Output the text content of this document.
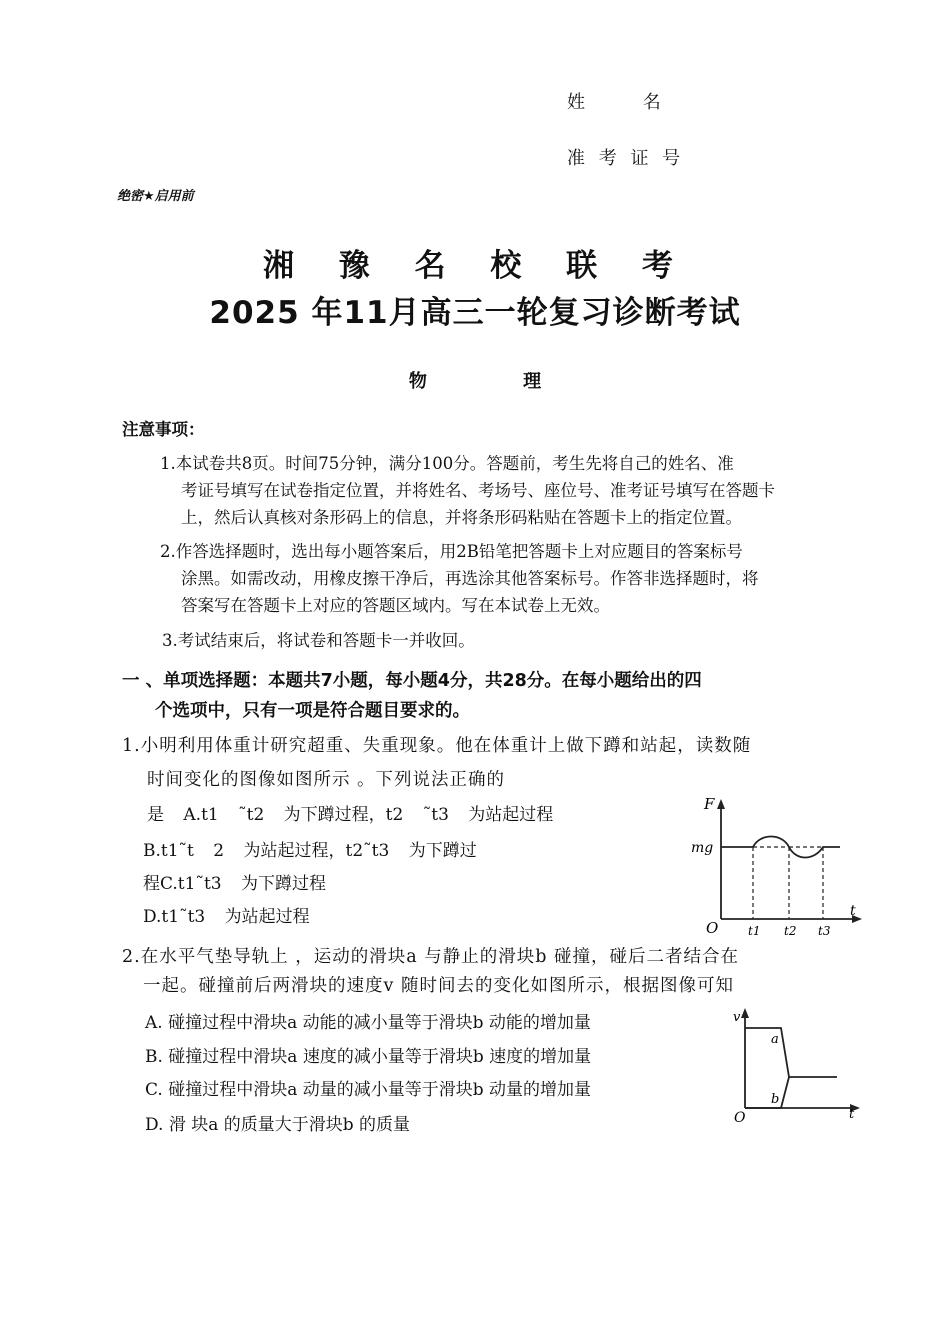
姓 名
准 考 证 号
绝密★启用前
湘 豫 名 校 联 考
2025 年11月高三一轮复习诊断考试
物 理
注意事项：
1.本试卷共8页。时间75分钟，满分100分。答题前，考生先将自己的姓名、准
考证号填写在试卷指定位置，并将姓名、考场号、座位号、准考证号填写在答题卡
上，然后认真核对条形码上的信息，并将条形码粘贴在答题卡上的指定位置。
2.作答选择题时，选出每小题答案后，用2B铅笔把答题卡上对应题目的答案标号
涂黑。如需改动，用橡皮擦干净后，再选涂其他答案标号。作答非选择题时，将
答案写在答题卡上对应的答题区域内。写在本试卷上无效。
3.考试结束后，将试卷和答题卡一并收回。
一 、单项选择题：本题共7小题，每小题4分，共28分。在每小题给出的四
个选项中，只有一项是符合题目要求的。
1.小明利用体重计研究超重、失重现象。他在体重计上做下蹲和站起，读数随
时间变化的图像如图所示 。下列说法正确的
是 A.t1 ˜t2 为下蹲过程，t2 ˜t3 为站起过程
B.t1˜t 2 为站起过程，t2˜t3 为下蹲过
程C.t1˜t3 为下蹲过程
D.t1˜t3 为站起过程
F
mg
O t1 t2 t3
t
2.在水平气垫导轨上 ，运动的滑块a 与静止的滑块b 碰撞，碰后二者结合在
一起。碰撞前后两滑块的速度v 随时间去的变化如图所示，根据图像可知
A. 碰撞过程中滑块a 动能的减小量等于滑块b 动能的增加量
B. 碰撞过程中滑块a 速度的减小量等于滑块b 速度的增加量
C. 碰撞过程中滑块a 动量的减小量等于滑块b 动量的增加量
D. 滑 块a 的质量大于滑块b 的质量
v
a
b
O	t
